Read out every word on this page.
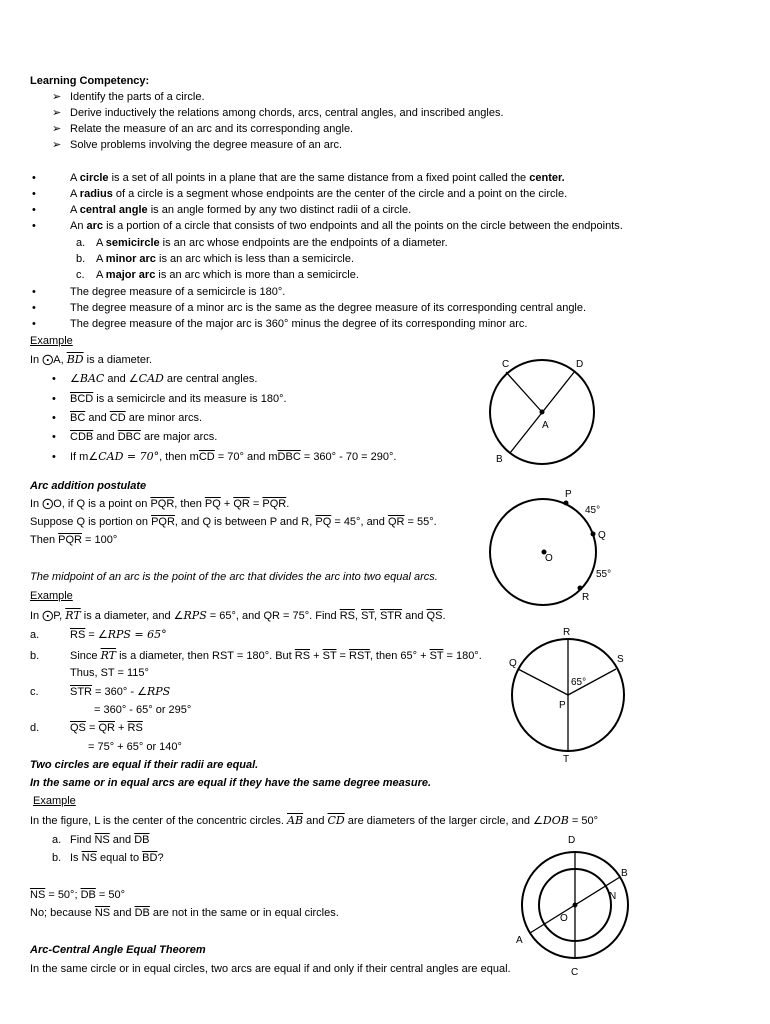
Learning Competency:
➢ Identify the parts of a circle.
➢ Derive inductively the relations among chords, arcs, central angles, and inscribed angles.
➢ Relate the measure of an arc and its corresponding angle.
➢ Solve problems involving the degree measure of an arc.
•	A circle is a set of all points in a plane that are the same distance from a fixed point called the center.
•	A radius of a circle is a segment whose endpoints are the center of the circle and a point on the circle.
•	A central angle is an angle formed by any two distinct radii of a circle.
•	An arc is a portion of a circle that consists of two endpoints and all the points on the circle between the endpoints.
a. A semicircle is an arc whose endpoints are the endpoints of a diameter.
b. A minor arc is an arc which is less than a semicircle.
c. A major arc is an arc which is more than a semicircle.
•	The degree measure of a semicircle is 180°.
•	The degree measure of a minor arc is the same as the degree measure of its corresponding central angle.
•	The degree measure of the major arc is 360° minus the degree of its corresponding minor arc.
Example
In ⨀A, $\overline{BD}$ is a diameter.
• ∠BAC and ∠CAD are central angles.
• $\overline{BCD}$ is a semicircle and its measure is 180°.
• $\overline{BC}$ and $\overline{CD}$ are minor arcs.
• $\overline{CDB}$ and $\overline{DBC}$ are major arcs.
• If m∠CAD = 70°, then $m\overline{CD} = 70^\circ$ and $m\overline{DBC} = 360^\circ - 70 = 290^\circ$.
C	D
A
B
Arc addition postulate
In ⨀O, if Q is a point on $\overline{PQR}$, then $\overline{PQ} + \overline{QR} = \overline{PQR}$.
Suppose Q is portion on $\overline{PQR}$, and Q is between P and R, $\overline{PQ} = 45^\circ$, and $\overline{QR} = 55^\circ$.
Then $\overline{PQR} = 100^\circ$
P
45°
Q
O
55°
R
The midpoint of an arc is the point of the arc that divides the arc into two equal arcs.
Example
In ⨀P, $\overline{RT}$ is a diameter, and ∠RPS = 65°, and QR = 75°. Find $\overline{RS}$, $\overline{ST}$, $\overline{STR}$ and $\overline{QS}$.
a.	$\overline{RS}$ = ∠RPS = 65°
b.	Since $\overline{RT}$ is a diameter, then RST = 180°. But $\overline{RS} + \overline{ST} = \overline{RST}$, then $65^\circ + \overline{ST} = 180^\circ$.
Thus, ST = 115°
c.	$\overline{STR} = 360^\circ$ - ∠RPS
= 360° - 65° or 295°
d.	$\overline{QS} = \overline{QR} + \overline{RS}$
= 75° + 65° or 140°
R
S
Q
65°
P
T
Two circles are equal if their radii are equal.
In the same or in equal arcs are equal if they have the same degree measure.
Example
In the figure, L is the center of the concentric circles. $\overline{AB}$ and $\overline{CD}$ are diameters of the larger circle, and ∠DOB = 50°
a. Find $\overline{NS}$ and $\overline{DB}$
b. Is $\overline{NS}$ equal to $\overline{BD}$?
$\overline{NS} = 50^\circ$; $\overline{DB} = 50^\circ$
No; because $\overline{NS}$ and $\overline{DB}$ are not in the same or in equal circles.
D
B
N
O
A
C
Arc-Central Angle Equal Theorem
In the same circle or in equal circles, two arcs are equal if and only if their central angles are equal.
